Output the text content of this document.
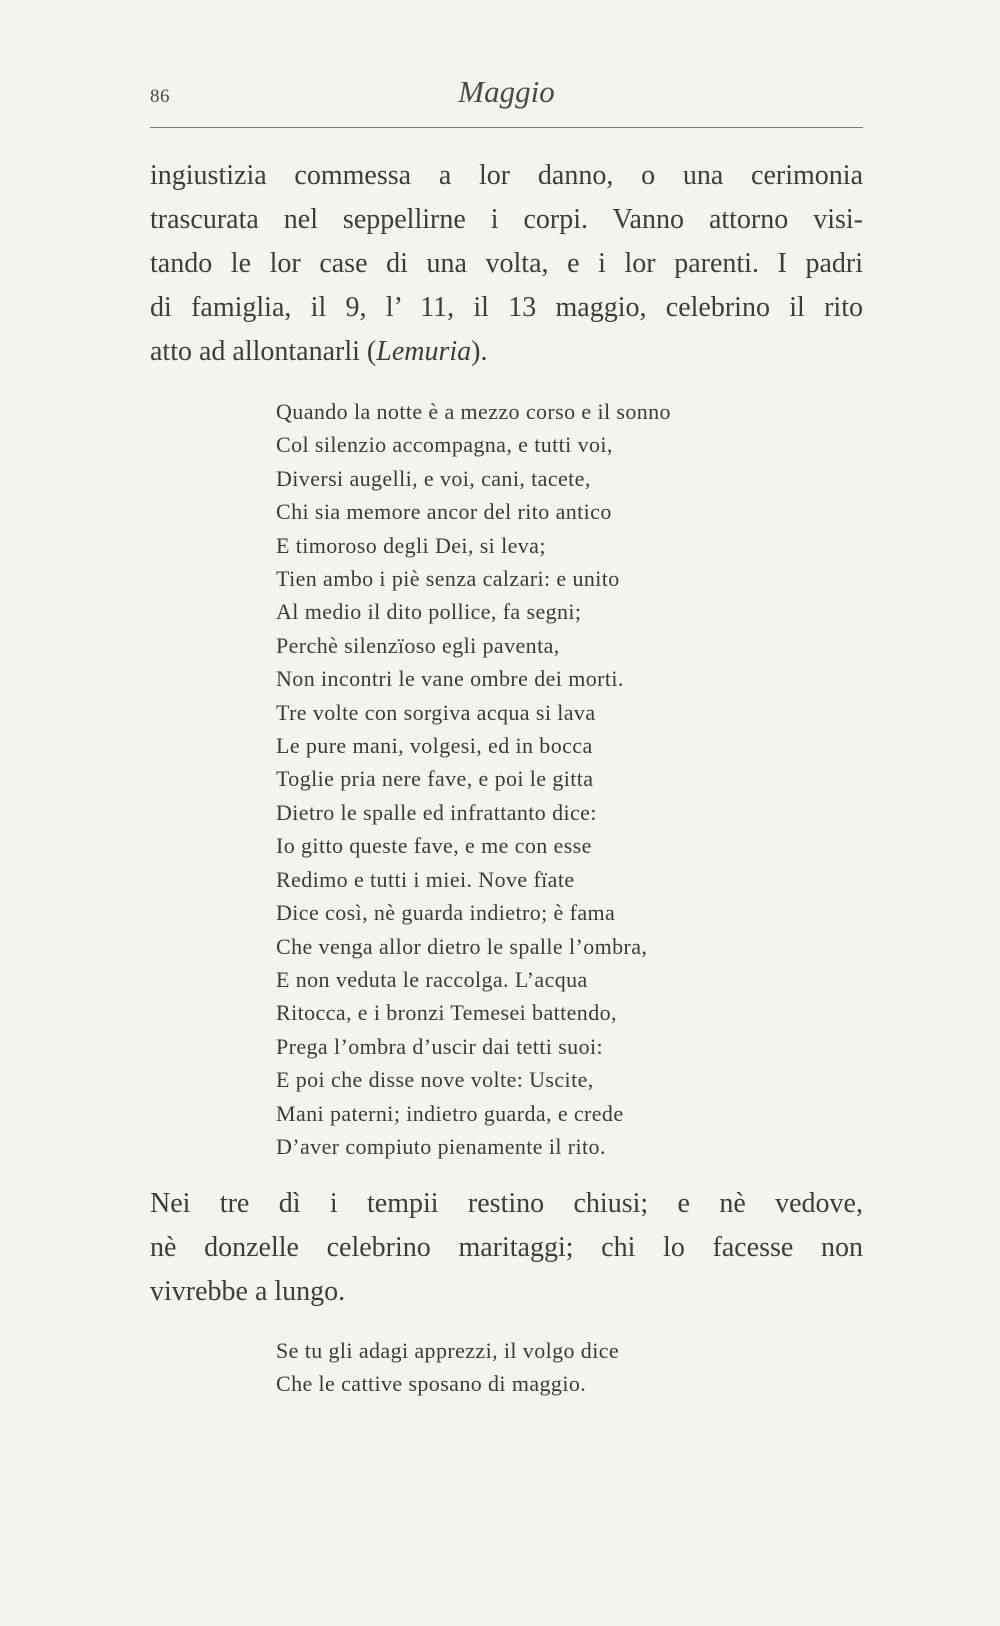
86	Maggio
ingiustizia commessa a lor danno, o una cerimonia
trascurata nel seppellirne i corpi. Vanno attorno visi-
tando le lor case di una volta, e i lor parenti. I padri
di famiglia, il 9, l’ 11, il 13 maggio, celebrino il rito
atto ad allontanarli (Lemuria).
Quando la notte è a mezzo corso e il sonno
Col silenzio accompagna, e tutti voi,
Diversi augelli, e voi, cani, tacete,
Chi sia memore ancor del rito antico
E timoroso degli Dei, si leva;
Tien ambo i piè senza calzari: e unito
Al medio il dito pollice, fa segni;
Perchè silenzïoso egli paventa,
Non incontri le vane ombre dei morti.
Tre volte con sorgiva acqua si lava
Le pure mani, volgesi, ed in bocca
Toglie pria nere fave, e poi le gitta
Dietro le spalle ed infrattanto dice:
Io gitto queste fave, e me con esse
Redimo e tutti i miei. Nove fïate
Dice così, nè guarda indietro; è fama
Che venga allor dietro le spalle l’ombra,
E non veduta le raccolga. L’acqua
Ritocca, e i bronzi Temesei battendo,
Prega l’ombra d’uscir dai tetti suoi:
E poi che disse nove volte: Uscite,
Mani paterni; indietro guarda, e crede
D’aver compiuto pienamente il rito.
Nei tre dì i tempii restino chiusi; e nè vedove,
nè donzelle celebrino maritaggi; chi lo facesse non
vivrebbe a lungo.
Se tu gli adagi apprezzi, il volgo dice
Che le cattive sposano di maggio.
